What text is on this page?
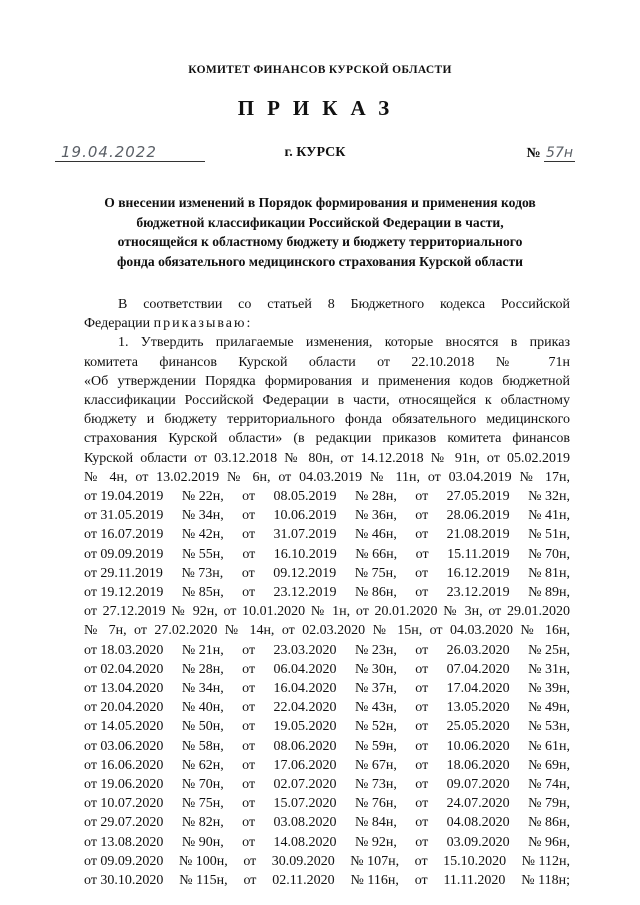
КОМИТЕТ ФИНАНСОВ КУРСКОЙ ОБЛАСТИ
ПРИКАЗ
19.04.2022	г. КУРСК	№ 57н
О внесении изменений в Порядок формирования и применения кодов
бюджетной классификации Российской Федерации в части,
относящейся к областному бюджету и бюджету территориального
фонда обязательного медицинского страхования Курской области
В соответствии со статьей 8 Бюджетного кодекса Российской
Федерации приказываю:
1. Утвердить прилагаемые изменения, которые вносятся в приказ
комитета финансов Курской области от 22.10.2018 № 71н
«Об утверждении Порядка формирования и применения кодов бюджетной
классификации Российской Федерации в части, относящейся к областному
бюджету и бюджету территориального фонда обязательного медицинского
страхования Курской области» (в редакции приказов комитета финансов
Курской области от 03.12.2018 № 80н, от 14.12.2018 № 91н, от 05.02.2019
№ 4н, от 13.02.2019 № 6н, от 04.03.2019 № 11н, от 03.04.2019 № 17н,
от 19.04.2019 № 22н, от 08.05.2019 № 28н, от 27.05.2019 № 32н,
от 31.05.2019 № 34н, от 10.06.2019 № 36н, от 28.06.2019 № 41н,
от 16.07.2019 № 42н, от 31.07.2019 № 46н, от 21.08.2019 № 51н,
от 09.09.2019 № 55н, от 16.10.2019 № 66н, от 15.11.2019 № 70н,
от 29.11.2019 № 73н, от 09.12.2019 № 75н, от 16.12.2019 № 81н,
от 19.12.2019 № 85н, от 23.12.2019 № 86н, от 23.12.2019 № 89н,
от 27.12.2019 № 92н, от 10.01.2020 № 1н, от 20.01.2020 № 3н, от 29.01.2020
№ 7н, от 27.02.2020 № 14н, от 02.03.2020 № 15н, от 04.03.2020 № 16н,
от 18.03.2020 № 21н, от 23.03.2020 № 23н, от 26.03.2020 № 25н,
от 02.04.2020 № 28н, от 06.04.2020 № 30н, от 07.04.2020 № 31н,
от 13.04.2020 № 34н, от 16.04.2020 № 37н, от 17.04.2020 № 39н,
от 20.04.2020 № 40н, от 22.04.2020 № 43н, от 13.05.2020 № 49н,
от 14.05.2020 № 50н, от 19.05.2020 № 52н, от 25.05.2020 № 53н,
от 03.06.2020 № 58н, от 08.06.2020 № 59н, от 10.06.2020 № 61н,
от 16.06.2020 № 62н, от 17.06.2020 № 67н, от 18.06.2020 № 69н,
от 19.06.2020 № 70н, от 02.07.2020 № 73н, от 09.07.2020 № 74н,
от 10.07.2020 № 75н, от 15.07.2020 № 76н, от 24.07.2020 № 79н,
от 29.07.2020 № 82н, от 03.08.2020 № 84н, от 04.08.2020 № 86н,
от 13.08.2020 № 90н, от 14.08.2020 № 92н, от 03.09.2020 № 96н,
от 09.09.2020 № 100н, от 30.09.2020 № 107н, от 15.10.2020 № 112н,
от 30.10.2020 № 115н, от 02.11.2020 № 116н, от 11.11.2020 № 118н;
